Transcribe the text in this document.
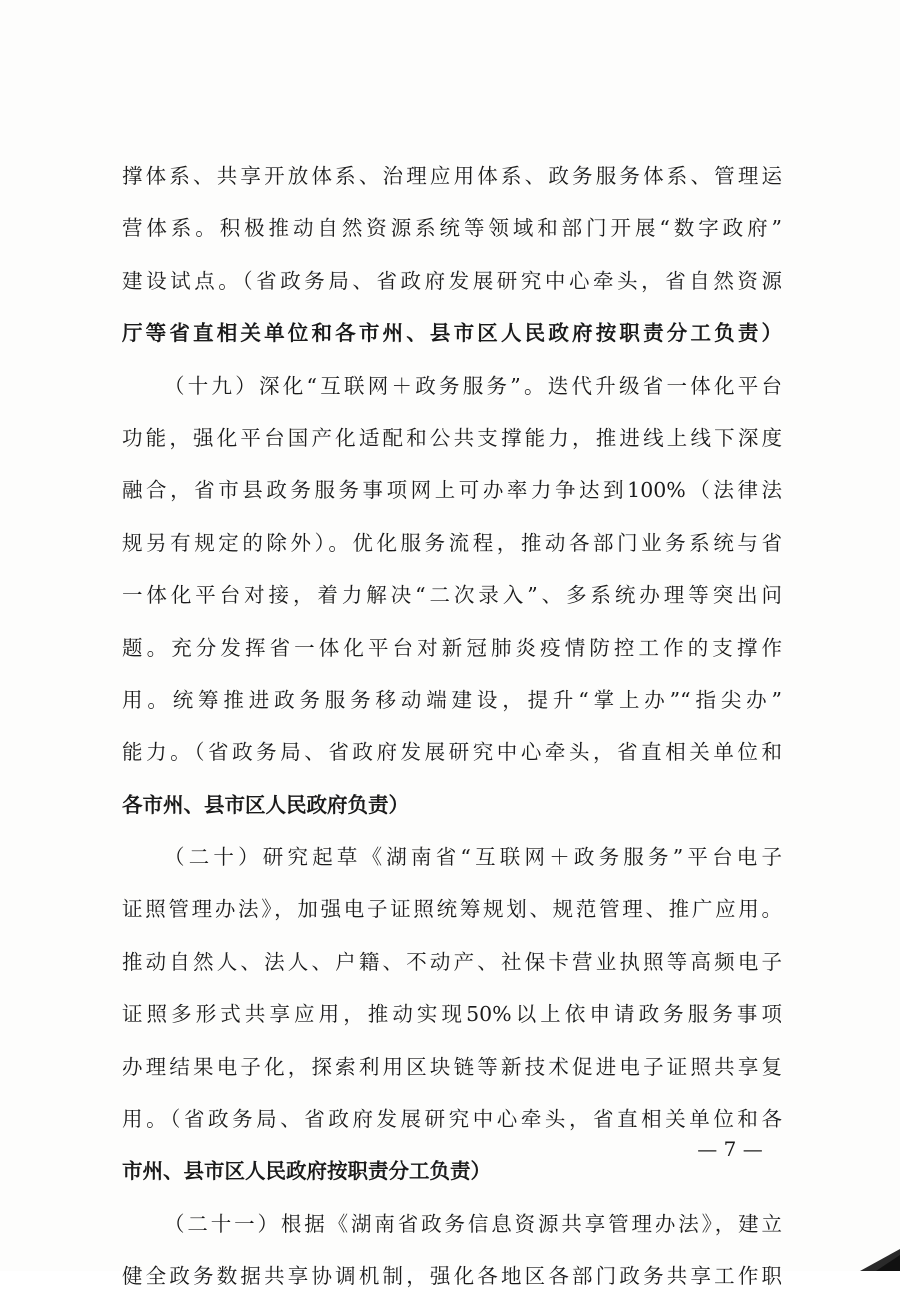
撑体系、共享开放体系、治理应用体系、政务服务体系、管理运
营体系。积极推动自然资源系统等领域和部门开展“数字政府”
建设试点。（省政务局、省政府发展研究中心牵头，省自然资源
厅等省直相关单位和各市州、县市区人民政府按职责分工负责）
（十九）深化“互联网＋政务服务”。迭代升级省一体化平台
功能，强化平台国产化适配和公共支撑能力，推进线上线下深度
融合，省市县政务服务事项网上可办率力争达到100%（法律法
规另有规定的除外）。优化服务流程，推动各部门业务系统与省
一体化平台对接，着力解决“二次录入”、多系统办理等突出问
题。充分发挥省一体化平台对新冠肺炎疫情防控工作的支撑作
用。统筹推进政务服务移动端建设，提升“掌上办”“指尖办”
能力。（省政务局、省政府发展研究中心牵头，省直相关单位和
各市州、县市区人民政府负责）
（二十）研究起草《湖南省“互联网＋政务服务”平台电子
证照管理办法》，加强电子证照统筹规划、规范管理、推广应用。
推动自然人、法人、户籍、不动产、社保卡营业执照等高频电子
证照多形式共享应用，推动实现50%以上依申请政务服务事项
办理结果电子化，探索利用区块链等新技术促进电子证照共享复
用。（省政务局、省政府发展研究中心牵头，省直相关单位和各
市州、县市区人民政府按职责分工负责）
（二十一）根据《湖南省政务信息资源共享管理办法》，建立
健全政务数据共享协调机制，强化各地区各部门政务共享工作职
— 7 —
